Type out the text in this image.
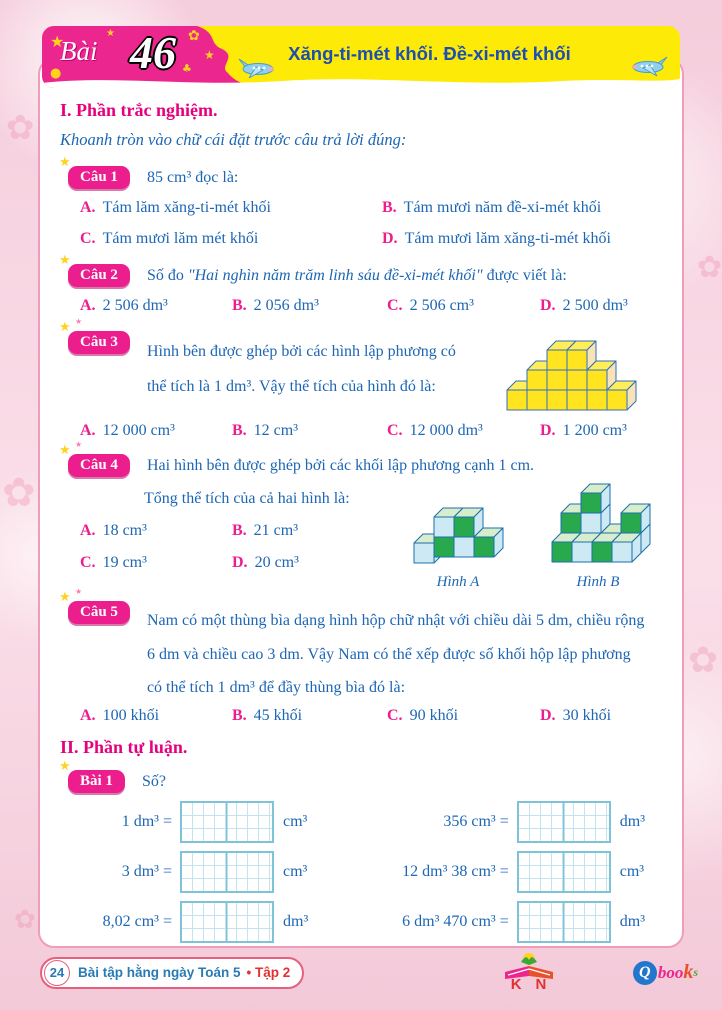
✿
✿
✿
✿
✿
I. Phần trắc nghiệm.
Khoanh tròn vào chữ cái đặt trước câu trả lời đúng:
★
Câu 1	85 cm³ đọc là:
A. Tám lăm xăng-ti-mét khối	B. Tám mươi năm đề-xi-mét khối
C. Tám mươi lăm mét khối	D. Tám mươi lăm xăng-ti-mét khối
★
Câu 2	Số đo "Hai nghìn năm trăm linh sáu đề-xi-mét khối" được viết là:
A. 2 506 dm³	B. 2 056 dm³	C. 2 506 cm³	D. 2 500 dm³
★ ★
Câu 3
Hình bên được ghép bởi các hình lập phương có
thể tích là 1 dm³. Vậy thể tích của hình đó là:
A. 12 000 cm³	B. 12 cm³	C. 12 000 dm³	D. 1 200 cm³
★ ★
Câu 4	Hai hình bên được ghép bởi các khối lập phương cạnh 1 cm.
Tổng thể tích của cả hai hình là:
A. 18 cm³	B. 21 cm³
C. 19 cm³	D. 20 cm³
Hình A	Hình B
★ ★
Câu 5	Nam có một thùng bìa dạng hình hộp chữ nhật với chiều dài 5 dm, chiều rộng
6 dm và chiều cao 3 dm. Vậy Nam có thể xếp được số khối hộp lập phương
có thể tích 1 dm³ để đầy thùng bìa đó là:
A. 100 khối	B. 45 khối	C. 90 khối	D. 30 khối
II. Phần tự luận.
★
Bài 1	Số?
1 dm³ =	cm³
3 dm³ =	cm³
8,02 cm³ =	dm³
356 cm³ =	dm³
12 dm³ 38 cm³ =	cm³
6 dm³ 470 cm³ =	dm³
★	★	✿
★
●	♣
Bài 46	Xăng-ti-mét khối. Đề-xi-mét khối
24	Bài tập hằng ngày Toán 5 • Tập 2
K N
Q boo k s
